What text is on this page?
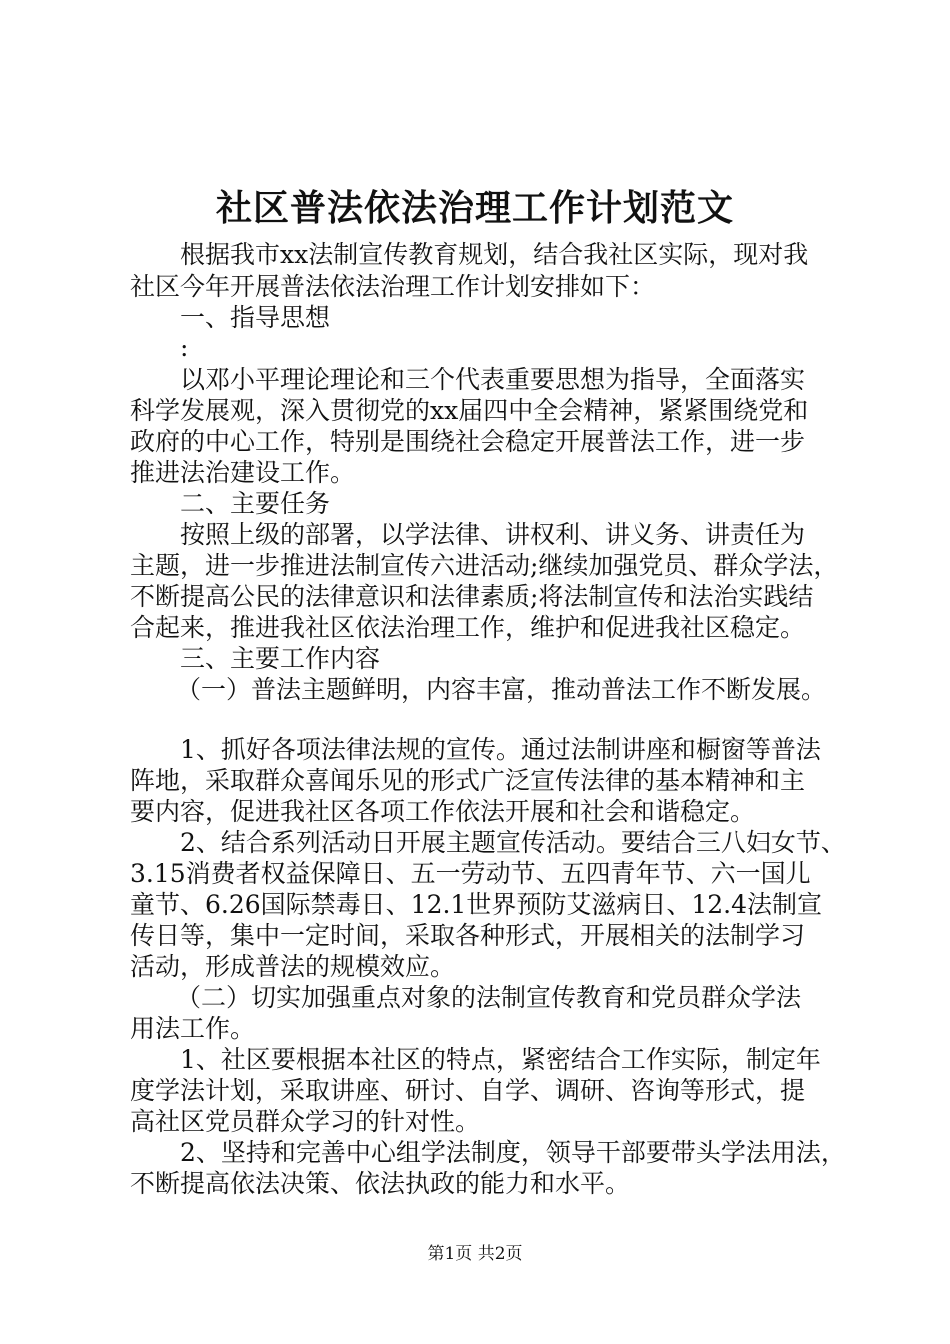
社区普法依法治理工作计划范文
根据我市xx法制宣传教育规划，结合我社区实际，现对我
社区今年开展普法依法治理工作计划安排如下：
一、指导思想
:
以邓小平理论理论和三个代表重要思想为指导，全面落实
科学发展观，深入贯彻党的xx届四中全会精神，紧紧围绕党和
政府的中心工作，特别是围绕社会稳定开展普法工作，进一步
推进法治建设工作。
二、主要任务
按照上级的部署，以学法律、讲权利、讲义务、讲责任为
主题，进一步推进法制宣传六进活动;继续加强党员、群众学法，
不断提高公民的法律意识和法律素质;将法制宣传和法治实践结
合起来，推进我社区依法治理工作，维护和促进我社区稳定。
三、主要工作内容
（一）普法主题鲜明，内容丰富，推动普法工作不断发展。
1、抓好各项法律法规的宣传。通过法制讲座和橱窗等普法
阵地，采取群众喜闻乐见的形式广泛宣传法律的基本精神和主
要内容，促进我社区各项工作依法开展和社会和谐稳定。
2、结合系列活动日开展主题宣传活动。要结合三八妇女节、
3.15消费者权益保障日、五一劳动节、五四青年节、六一国儿
童节、6.26国际禁毒日、12.1世界预防艾滋病日、12.4法制宣
传日等，集中一定时间，采取各种形式，开展相关的法制学习
活动，形成普法的规模效应。
（二）切实加强重点对象的法制宣传教育和党员群众学法
用法工作。
1、社区要根据本社区的特点，紧密结合工作实际，制定年
度学法计划，采取讲座、研讨、自学、调研、咨询等形式，提
高社区党员群众学习的针对性。
2、坚持和完善中心组学法制度，领导干部要带头学法用法，
不断提高依法决策、依法执政的能力和水平。
第1页 共2页
